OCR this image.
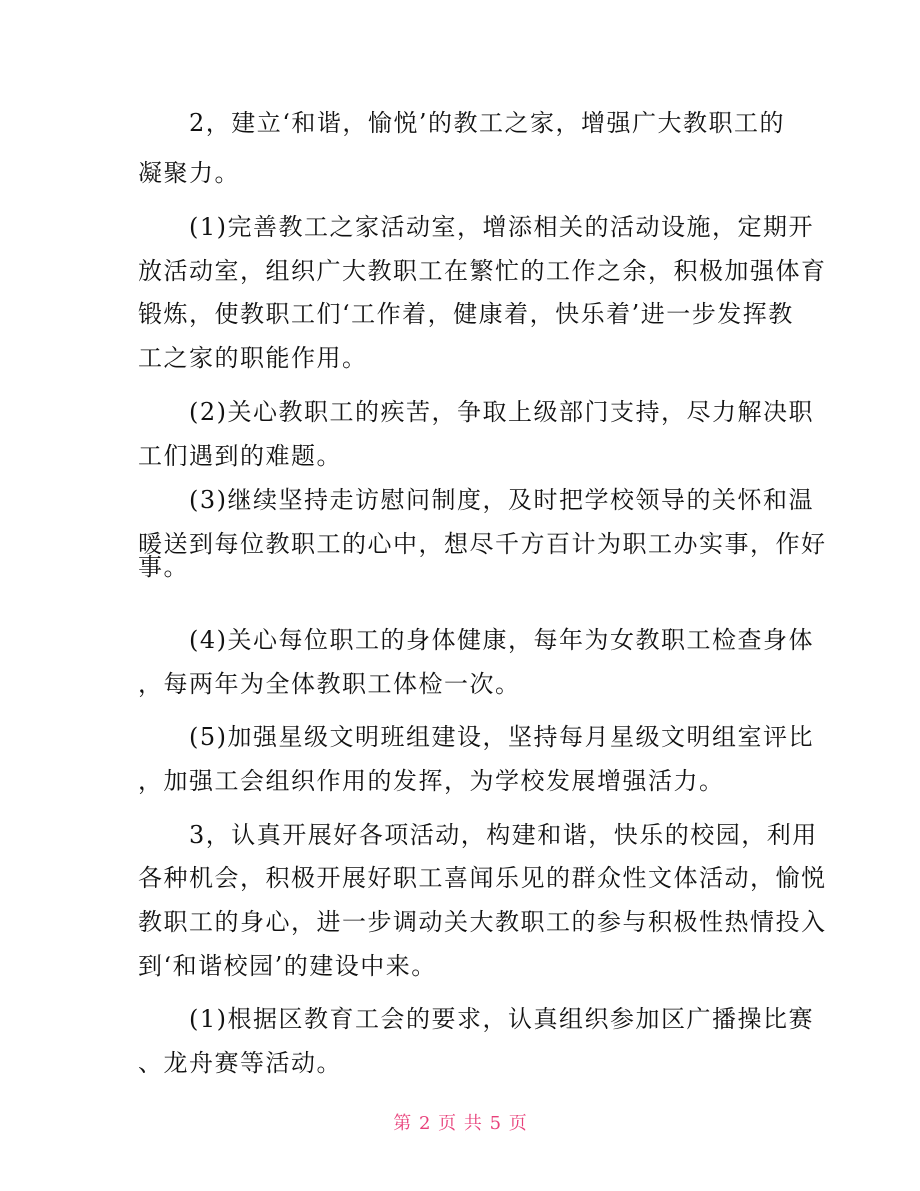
　　2，建立‘和谐，愉悦’的教工之家，增强广大教职工的
凝聚力。
　　(1)完善教工之家活动室，增添相关的活动设施，定期开
放活动室，组织广大教职工在繁忙的工作之余，积极加强体育
锻炼，使教职工们‘工作着，健康着，快乐着’进一步发挥教
工之家的职能作用。
　　(2)关心教职工的疾苦，争取上级部门支持，尽力解决职
工们遇到的难题。
　　(3)继续坚持走访慰问制度，及时把学校领导的关怀和温
暖送到每位教职工的心中，想尽千方百计为职工办实事，作好
事。
　　(4)关心每位职工的身体健康，每年为女教职工检查身体
，每两年为全体教职工体检一次。
　　(5)加强星级文明班组建设，坚持每月星级文明组室评比
，加强工会组织作用的发挥，为学校发展增强活力。
　　3，认真开展好各项活动，构建和谐，快乐的校园，利用
各种机会，积极开展好职工喜闻乐见的群众性文体活动，愉悦
教职工的身心，进一步调动关大教职工的参与积极性热情投入
到‘和谐校园’的建设中来。
　　(1)根据区教育工会的要求，认真组织参加区广播操比赛
、龙舟赛等活动。
第 2 页 共 5 页
